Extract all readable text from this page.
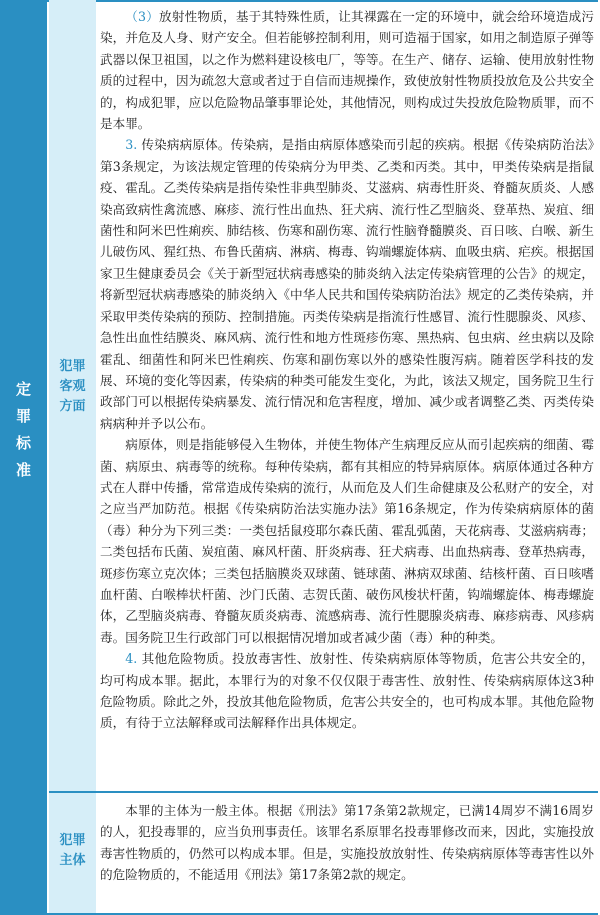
定
罪
标
准
犯罪
客观
方面
犯罪
主体

（3）放射性物质，基于其特殊性质，让其裸露在一定的环境中，就会给环境造成污染，并危及人身、财产安全。但若能够控制利用，则可造福于国家，如用之制造原子弹等武器以保卫祖国，以之作为燃料建设核电厂，等等。在生产、储存、运输、使用放射性物质的过程中，因为疏忽大意或者过于自信而违规操作，致使放射性物质投放危及公共安全的，构成犯罪，应以危险物品肇事罪论处，其他情况，则构成过失投放危险物质罪，而不是本罪。

3. 传染病病原体。传染病，是指由病原体感染而引起的疾病。根据《传染病防治法》第3条规定，为该法规定管理的传染病分为甲类、乙类和丙类。其中，甲类传染病是指鼠疫、霍乱。乙类传染病是指传染性非典型肺炎、艾滋病、病毒性肝炎、脊髓灰质炎、人感染高致病性禽流感、麻疹、流行性出血热、狂犬病、流行性乙型脑炎、登革热、炭疽、细菌性和阿米巴性痢疾、肺结核、伤寒和副伤寒、流行性脑脊髓膜炎、百日咳、白喉、新生儿破伤风、猩红热、布鲁氏菌病、淋病、梅毒、钩端螺旋体病、血吸虫病、疟疾。根据国家卫生健康委员会《关于新型冠状病毒感染的肺炎纳入法定传染病管理的公告》的规定，将新型冠状病毒感染的肺炎纳入《中华人民共和国传染病防治法》规定的乙类传染病，并采取甲类传染病的预防、控制措施。丙类传染病是指流行性感冒、流行性腮腺炎、风疹、急性出血性结膜炎、麻风病、流行性和地方性斑疹伤寒、黑热病、包虫病、丝虫病以及除霍乱、细菌性和阿米巴性痢疾、伤寒和副伤寒以外的感染性腹泻病。随着医学科技的发展、环境的变化等因素，传染病的种类可能发生变化，为此，该法又规定，国务院卫生行政部门可以根据传染病暴发、流行情况和危害程度，增加、减少或者调整乙类、丙类传染病病种并予以公布。

病原体，则是指能够侵入生物体，并使生物体产生病理反应从而引起疾病的细菌、霉菌、病原虫、病毒等的统称。每种传染病，都有其相应的特异病原体。病原体通过各种方式在人群中传播，常常造成传染病的流行，从而危及人们生命健康及公私财产的安全，对之应当严加防范。根据《传染病防治法实施办法》第16条规定，作为传染病病原体的菌（毒）种分为下列三类：一类包括鼠疫耶尔森氏菌、霍乱弧菌，天花病毒、艾滋病病毒；二类包括布氏菌、炭疽菌、麻风杆菌、肝炎病毒、狂犬病毒、出血热病毒、登革热病毒，斑疹伤寒立克次体；三类包括脑膜炎双球菌、链球菌、淋病双球菌、结核杆菌、百日咳嗜血杆菌、白喉棒状杆菌、沙门氏菌、志贺氏菌、破伤风梭状杆菌，钩端螺旋体、梅毒螺旋体，乙型脑炎病毒、脊髓灰质炎病毒、流感病毒、流行性腮腺炎病毒、麻疹病毒、风疹病毒。国务院卫生行政部门可以根据情况增加或者减少菌（毒）种的种类。

4. 其他危险物质。投放毒害性、放射性、传染病病原体等物质，危害公共安全的，均可构成本罪。据此，本罪行为的对象不仅仅限于毒害性、放射性、传染病病原体这3种危险物质。除此之外，投放其他危险物质，危害公共安全的，也可构成本罪。其他危险物质，有待于立法解释或司法解释作出具体规定。

本罪的主体为一般主体。根据《刑法》第17条第2款规定，已满14周岁不满16周岁的人，犯投毒罪的，应当负刑事责任。该罪名系原罪名投毒罪修改而来，因此，实施投放毒害性物质的，仍然可以构成本罪。但是，实施投放放射性、传染病病原体等毒害性以外的危险物质的，不能适用《刑法》第17条第2款的规定。
